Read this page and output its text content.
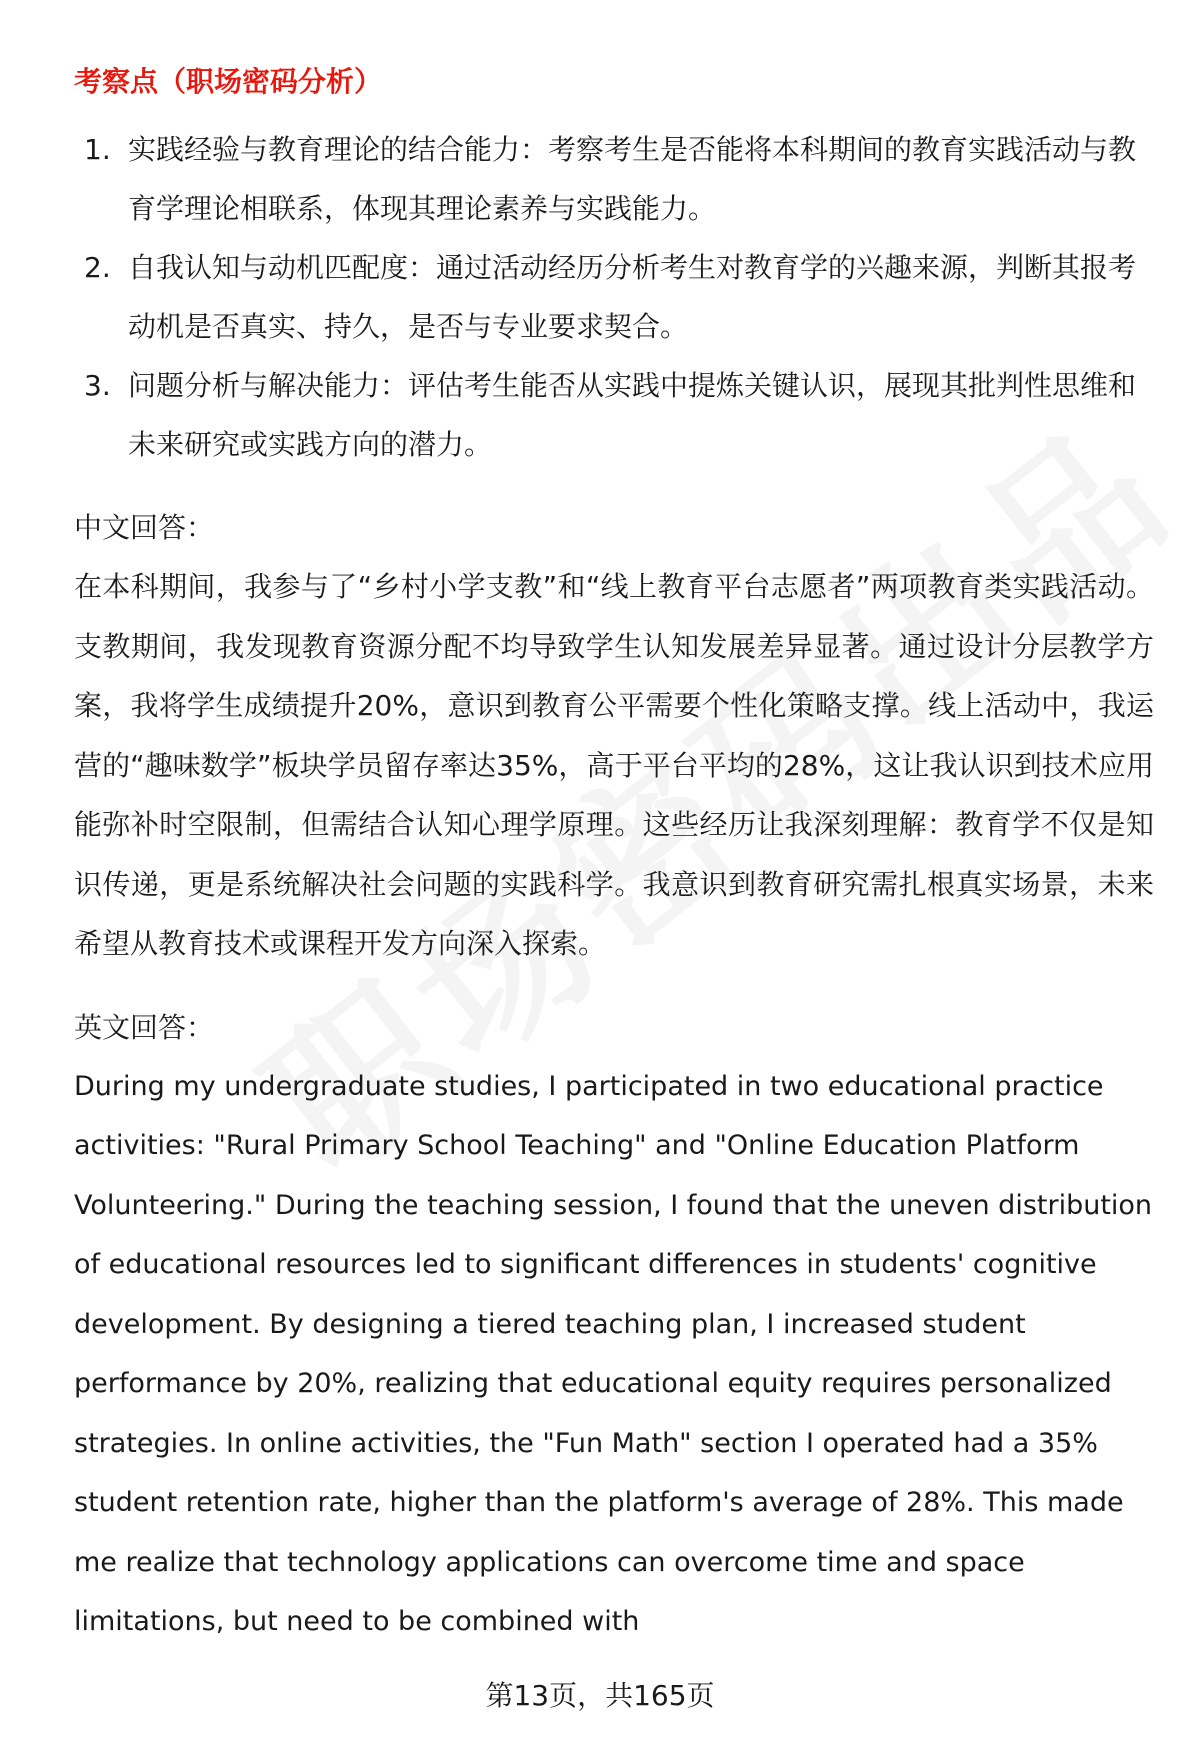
考察点（职场密码分析）
1. 实践经验与教育理论的结合能力：考察考生是否能将本科期间的教育实践活动与教育学理论相联系，体现其理论素养与实践能力。
2. 自我认知与动机匹配度：通过活动经历分析考生对教育学的兴趣来源，判断其报考动机是否真实、持久，是否与专业要求契合。
3. 问题分析与解决能力：评估考生能否从实践中提炼关键认识，展现其批判性思维和未来研究或实践方向的潜力。
中文回答：
在本科期间，我参与了“乡村小学支教”和“线上教育平台志愿者”两项教育类实践活动。支教期间，我发现教育资源分配不均导致学生认知发展差异显著。通过设计分层教学方案，我将学生成绩提升20%，意识到教育公平需要个性化策略支撑。线上活动中，我运营的“趣味数学”板块学员留存率达35%，高于平台平均的28%，这让我认识到技术应用能弥补时空限制，但需结合认知心理学原理。这些经历让我深刻理解：教育学不仅是知识传递，更是系统解决社会问题的实践科学。我意识到教育研究需扎根真实场景，未来希望从教育技术或课程开发方向深入探索。
英文回答：
During my undergraduate studies, I participated in two educational practice activities: "Rural Primary School Teaching" and "Online Education Platform Volunteering." During the teaching session, I found that the uneven distribution of educational resources led to significant differences in students' cognitive development. By designing a tiered teaching plan, I increased student performance by 20%, realizing that educational equity requires personalized strategies. In online activities, the "Fun Math" section I operated had a 35% student retention rate, higher than the platform's average of 28%. This made me realize that technology applications can overcome time and space limitations, but need to be combined with
第13页，共165页
